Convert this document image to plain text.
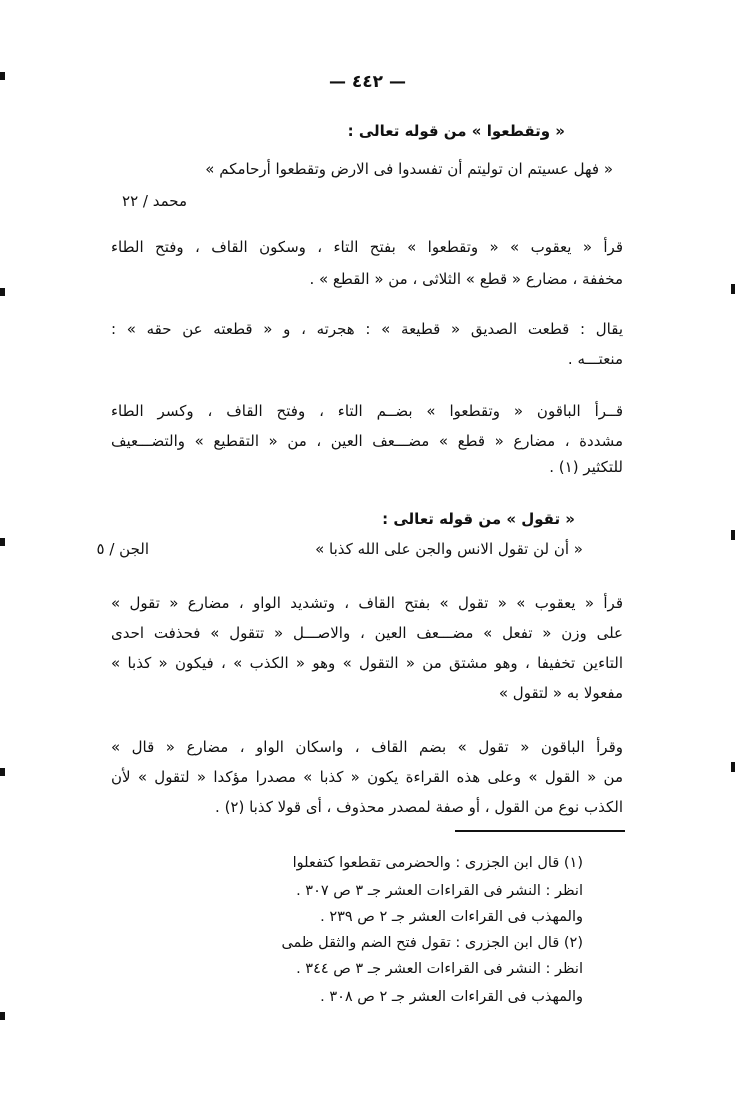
— ٤٤٢ —
« وتقطعوا » من قوله تعالى :
« فهل عسيتم ان توليتم أن تفسدوا فى الارض وتقطعوا أرحامكم »
محمد / ٢٢
قرأ « يعقوب » « وتقطعوا » بفتح التاء ، وسكون القاف ، وفتح الطاء
مخففة ، مضارع « قطع » الثلاثى ، من « القطع » .
يقال : قطعت الصديق « قطيعة » : هجرته ، و « قطعته عن حقه » :
منعتـــه .
قــرأ الباقون « وتقطعوا » بضــم التاء ، وفتح القاف ، وكسر الطاء
مشددة ، مضارع « قطع » مضـــعف العين ، من « التقطيع » والتضـــعيف
للتكثير (١) .
« تقول » من قوله تعالى :
« أن لن تقول الانس والجن على الله كذبا »
الجن / ٥
قرأ « يعقوب » « تقول » بفتح القاف ، وتشديد الواو ، مضارع « تقول »
على وزن « تفعل » مضـــعف العين ، والاصـــل « تتقول » فحذفت احدى
التاءين تخفيفا ، وهو مشتق من « التقول » وهو « الكذب » ، فيكون « كذبا »
مفعولا به « لتقول »
وقرأ الباقون « تقول » بضم القاف ، واسكان الواو ، مضارع « قال »
من « القول » وعلى هذه القراءة يكون « كذبا » مصدرا مؤكدا « لتقول » لأن
الكذب نوع من القول ، أو صفة لمصدر محذوف ، أى قولا كذبا (٢) .
(١) قال ابن الجزرى : والحضرمى تقطعوا كتفعلوا
انظر : النشر فى القراءات العشر جـ ٣ ص ٣٠٧ .
والمهذب فى القراءات العشر جـ ٢ ص ٢٣٩ .
(٢) قال ابن الجزرى : تقول فتح الضم والثقل ظمى
انظر : النشر فى القراءات العشر جـ ٣ ص ٣٤٤ .
والمهذب فى القراءات العشر جـ ٢ ص ٣٠٨ .
